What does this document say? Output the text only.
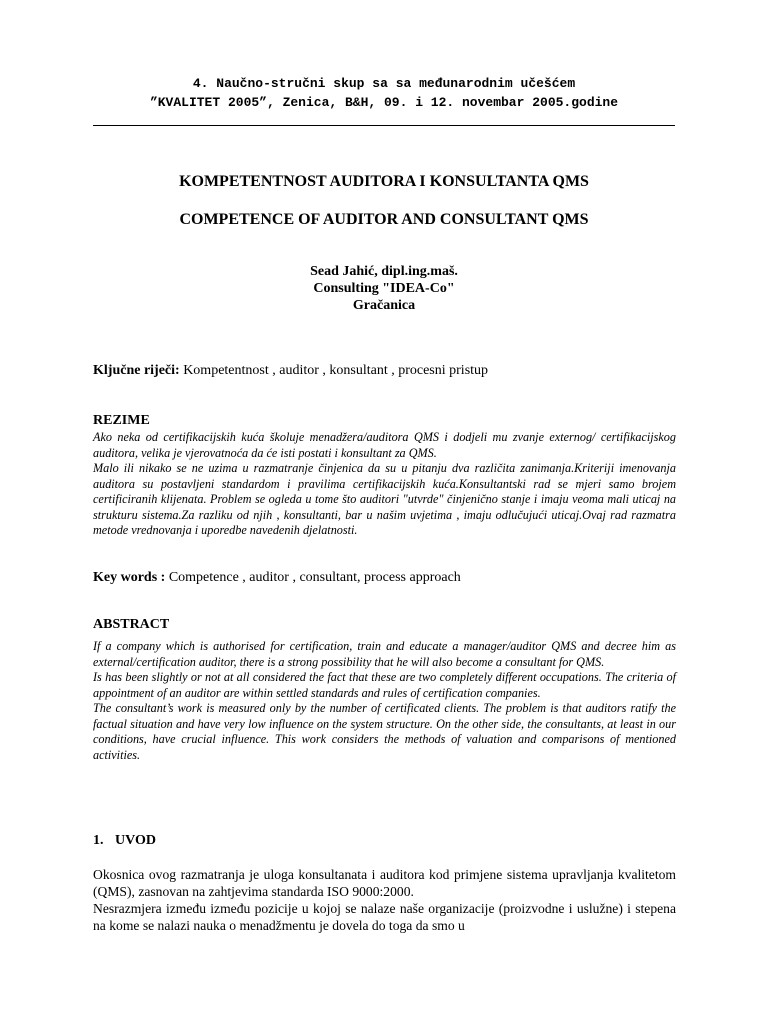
4. Naučno-stručni skup sa sa međunarodnim učešćem
”KVALITET 2005”, Zenica, B&H, 09. i 12. novembar 2005.godine
KOMPETENTNOST AUDITORA I KONSULTANTA QMS
COMPETENCE OF AUDITOR AND CONSULTANT QMS
Sead Jahić, dipl.ing.maš.
Consulting "IDEA-Co"
Gračanica
Ključne riječi: Kompetentnost , auditor , konsultant , procesni pristup
REZIME

Ako neka od certifikacijskih kuća školuje menadžera/auditora QMS i dodjeli mu zvanje externog/ certifikacijskog auditora, velika je vjerovatnoća da će isti postati i konsultant za QMS.

Malo ili nikako se ne uzima u razmatranje činjenica da su u pitanju dva različita zanimanja.Kriteriji imenovanja auditora su postavljeni standardom i pravilima certifikacijskih kuća.Konsultantski rad se mjeri samo brojem certificiranih klijenata. Problem se ogleda u tome što auditori "utvrde" činjenično stanje i imaju veoma mali uticaj na strukturu sistema.Za razliku od njih , konsultanti, bar u našim uvjetima , imaju odlučujući uticaj.Ovaj rad razmatra metode vrednovanja i uporedbe navedenih djelatnosti.

Key words : Competence , auditor , consultant, process approach
ABSTRACT

If a company which is authorised for certification, train and educate a manager/auditor QMS and decree him as external/certification auditor, there is a strong possibility that he will also become a consultant for QMS.

Is has been slightly or not at all considered the fact that these are two completely different occupations. The criteria of appointment of an auditor are within settled standards and rules of certification companies.

The consultant’s work is measured only by the number of certificated clients. The problem is that auditors ratify the factual situation and have very low influence on the system structure. On the other side, the consultants, at least in our conditions, have crucial influence. This work considers the methods of valuation and comparisons of mentioned activities.

1. UVOD

Okosnica ovog razmatranja je uloga konsultanata i auditora kod primjene sistema upravljanja kvalitetom (QMS), zasnovan na zahtjevima standarda ISO 9000:2000.

Nesrazmjera između između pozicije u kojoj se nalaze naše organizacije (proizvodne i uslužne) i stepena na kome se nalazi nauka o menadžmentu je dovela do toga da smo u
